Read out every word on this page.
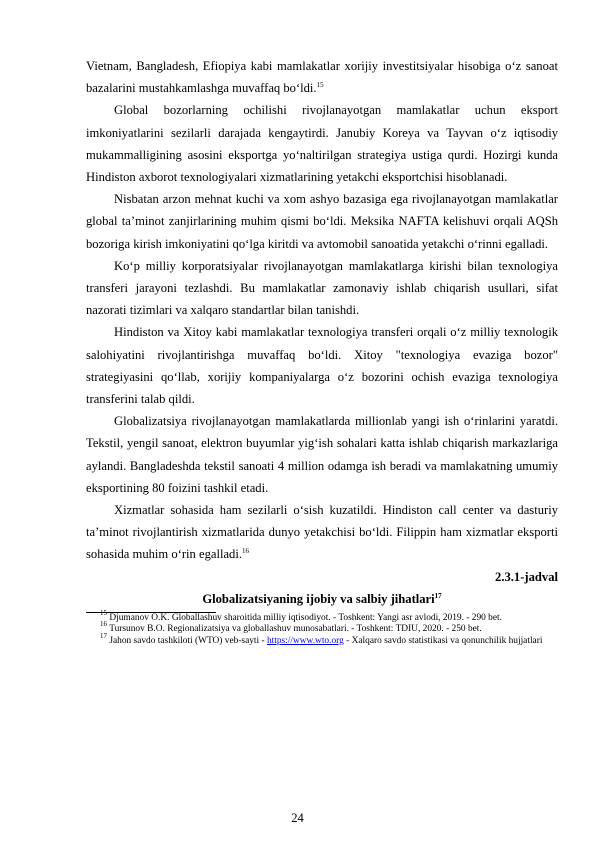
Vietnam, Bangladesh, Efiopiya kabi mamlakatlar xorijiy investitsiyalar hisobiga o‘z sanoat bazalarini mustahkamlashga muvaffaq bo‘ldi.$^{15}$

Global bozorlarning ochilishi rivojlanayotgan mamlakatlar uchun eksport imkoniyatlarini sezilarli darajada kengaytirdi. Janubiy Koreya va Tayvan o‘z iqtisodiy mukammalligining asosini eksportga yo‘naltirilgan strategiya ustiga qurdi. Hozirgi kunda Hindiston axborot texnologiyalari xizmatlarining yetakchi eksportchisi hisoblanadi.

Nisbatan arzon mehnat kuchi va xom ashyo bazasiga ega rivojlanayotgan mamlakatlar global ta’minot zanjirlarining muhim qismi bo‘ldi. Meksika NAFTA kelishuvi orqali AQSh bozoriga kirish imkoniyatini qo‘lga kiritdi va avtomobil sanoatida yetakchi o‘rinni egalladi.

Ko‘p milliy korporatsiyalar rivojlanayotgan mamlakatlarga kirishi bilan texnologiya transferi jarayoni tezlashdi. Bu mamlakatlar zamonaviy ishlab chiqarish usullari, sifat nazorati tizimlari va xalqaro standartlar bilan tanishdi.

Hindiston va Xitoy kabi mamlakatlar texnologiya transferi orqali o‘z milliy texnologik salohiyatini rivojlantirishga muvaffaq bo‘ldi. Xitoy "texnologiya evaziga bozor" strategiyasini qo‘llab, xorijiy kompaniyalarga o‘z bozorini ochish evaziga texnologiya transferini talab qildi.

Globalizatsiya rivojlanayotgan mamlakatlarda millionlab yangi ish o‘rinlarini yaratdi. Tekstil, yengil sanoat, elektron buyumlar yig‘ish sohalari katta ishlab chiqarish markazlariga aylandi. Bangladeshda tekstil sanoati 4 million odamga ish beradi va mamlakatning umumiy eksportining 80 foizini tashkil etadi.

Xizmatlar sohasida ham sezilarli o‘sish kuzatildi. Hindiston call center va dasturiy ta’minot rivojlantirish xizmatlarida dunyo yetakchisi bo‘ldi. Filippin ham xizmatlar eksporti sohasida muhim o‘rin egalladi.$^{16}$

2.3.1-jadval

Globalizatsiyaning ijobiy va salbiy jihatlari$^{17}$

$^{15}$ Djumanov O.K. Globallashuv sharoitida milliy iqtisodiyot. - Toshkent: Yangi asr avlodi, 2019. - 290 bet.

$^{16}$ Tursunov B.O. Regionalizatsiya va globallashuv munosabatlari. - Toshkent: TDIU, 2020. - 250 bet.

$^{17}$ Jahon savdo tashkiloti (WTO) veb-sayti - https://www.wto.org - Xalqaro savdo statistikasi va qonunchilik hujjatlari

24
